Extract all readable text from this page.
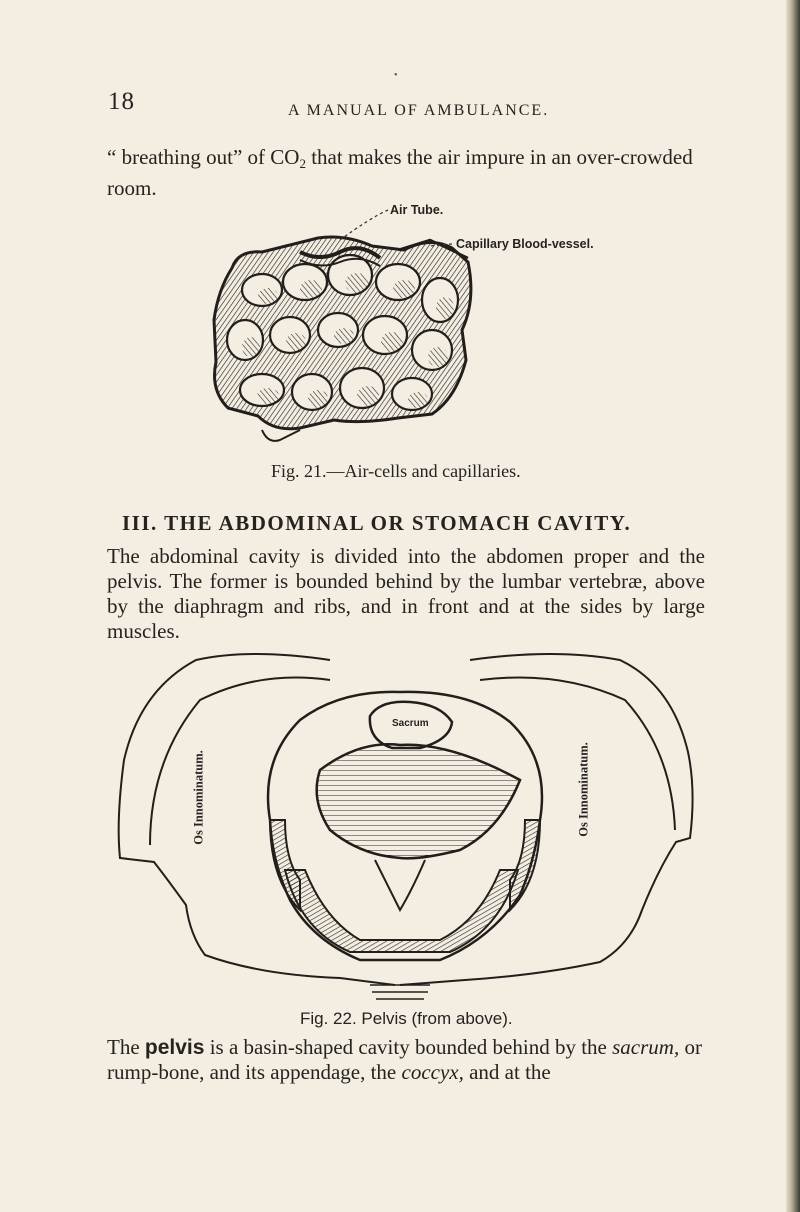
•
18	A MANUAL OF AMBULANCE.

“ breathing out” of $CO_2$ that makes the air impure in an over-crowded room.

Air Tube.
Capillary Blood-vessel.

Fig. 21.—Air-cells and capillaries.

III. THE ABDOMINAL OR STOMACH CAVITY.

The abdominal cavity is divided into the abdomen proper and the pelvis. The former is bounded behind by the lumbar vertebræ, above by the diaphragm and ribs, and in front and at the sides by large muscles.

Os Innominatum.	Os Innominatum.
Sacrum

Fig. 22. Pelvis (from above).

The pelvis is a basin-shaped cavity bounded behind by the sacrum, or rump-bone, and its appendage, the coccyx, and at the
